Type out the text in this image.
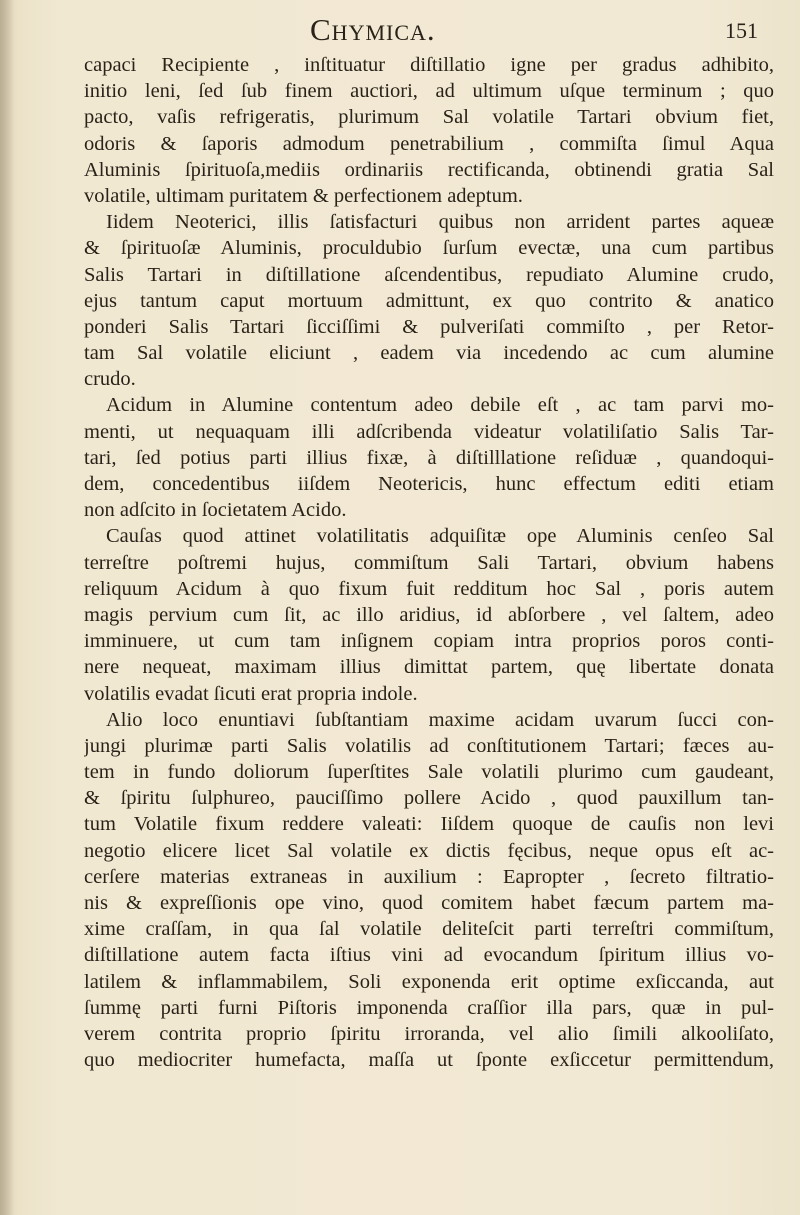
Chymica.	151
capaci Recipiente , inſtituatur diſtillatio igne per gradus adhibito,
initio leni, ſed ſub finem auctiori, ad ultimum uſque terminum ; quo
pacto, vaſis refrigeratis, plurimum Sal volatile Tartari obvium fiet,
odoris & ſaporis admodum penetrabilium , commiſta ſimul Aqua
Aluminis ſpirituoſa,mediis ordinariis rectificanda, obtinendi gratia Sal
volatile, ultimam puritatem & perfectionem adeptum.
Iidem Neoterici, illis ſatisfacturi quibus non arrident partes aqueæ
& ſpirituoſæ Aluminis, proculdubio ſurſum evectæ, una cum partibus
Salis Tartari in diſtillatione aſcendentibus, repudiato Alumine crudo,
ejus tantum caput mortuum admittunt, ex quo contrito & anatico
ponderi Salis Tartari ſicciſſimi & pulveriſati commiſto , per Retor-
tam Sal volatile eliciunt , eadem via incedendo ac cum alumine
crudo.
Acidum in Alumine contentum adeo debile eſt , ac tam parvi mo-
menti, ut nequaquam illi adſcribenda videatur volatiliſatio Salis Tar-
tari, ſed potius parti illius fixæ, à diſtilllatione reſiduæ , quandoqui-
dem, concedentibus iiſdem Neotericis, hunc effectum editi etiam
non adſcito in ſocietatem Acido.
Cauſas quod attinet volatilitatis adquiſitæ ope Aluminis cenſeo Sal
terreſtre poſtremi hujus, commiſtum Sali Tartari, obvium habens
reliquum Acidum à quo fixum fuit redditum hoc Sal , poris autem
magis pervium cum ſit, ac illo aridius, id abſorbere , vel ſaltem, adeo
imminuere, ut cum tam inſignem copiam intra proprios poros conti-
nere nequeat, maximam illius dimittat partem, quę libertate donata
volatilis evadat ſicuti erat propria indole.
Alio loco enuntiavi ſubſtantiam maxime acidam uvarum ſucci con-
jungi plurimæ parti Salis volatilis ad conſtitutionem Tartari; fæces au-
tem in fundo doliorum ſuperſtites Sale volatili plurimo cum gaudeant,
& ſpiritu ſulphureo, pauciſſimo pollere Acido , quod pauxillum tan-
tum Volatile fixum reddere valeati: Iiſdem quoque de cauſis non levi
negotio elicere licet Sal volatile ex dictis fęcibus, neque opus eſt ac-
cerſere materias extraneas in auxilium : Eapropter , ſecreto filtratio-
nis & expreſſionis ope vino, quod comitem habet fæcum partem ma-
xime craſſam, in qua ſal volatile deliteſcit parti terreſtri commiſtum,
diſtillatione autem facta iſtius vini ad evocandum ſpiritum illius vo-
latilem & inflammabilem, Soli exponenda erit optime exſiccanda, aut
ſummę parti furni Piſtoris imponenda craſſior illa pars, quæ in pul-
verem contrita proprio ſpiritu irroranda, vel alio ſimili alkooliſato,
quo mediocriter humefacta, maſſa ut ſponte exſiccetur permittendum,
